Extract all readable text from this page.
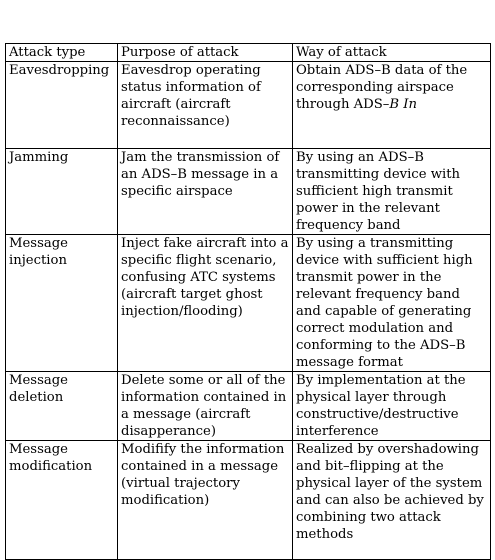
Attack type	Purpose of attack	Way of attack
Eavesdropping	Eavesdrop operating status information of aircraft (aircraft reconnaissance)	Obtain ADS–B data of the corresponding airspace through ADS–B In
Jamming	Jam the transmission of an ADS–B message in a specific airspace	By using an ADS–B transmitting device with sufficient high transmit power in the relevant frequency band
Message injection	Inject fake aircraft into a specific flight scenario, confusing ATC systems (aircraft target ghost injection/flooding)	By using a transmitting device with sufficient high transmit power in the relevant frequency band and capable of generating correct modulation and conforming to the ADS–B message format
Message deletion	Delete some or all of the information contained in a message (aircraft disapperance)	By implementation at the physical layer through constructive/destructive interference
Message modification	Modifify the information contained in a message (virtual trajectory modification)	Realized by overshadowing and bit–flipping at the physical layer of the system and can also be achieved by combining two attack methods
